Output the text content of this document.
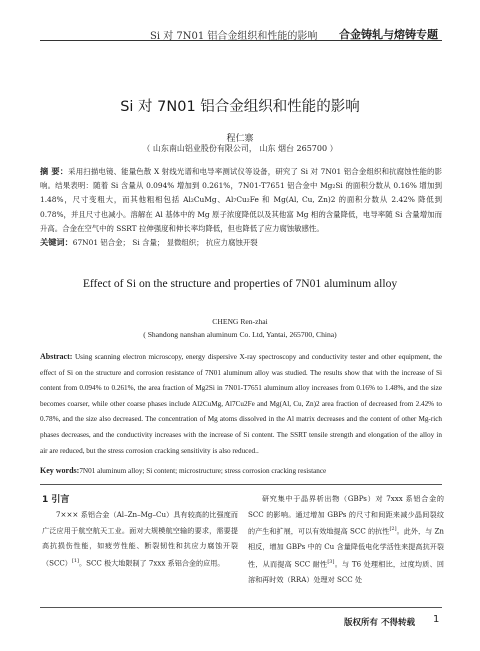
Si 对 7N01 铝合金组织和性能的影响 合金铸轧与熔铸专题
Si 对 7N01 铝合金组织和性能的影响
程仁寨
（ 山东南山铝业股份有限公司， 山东 烟台 265700 ）
摘 要：采用扫描电镜、能量色散 X 射线光谱和电导率测试仪等设备，研究了 Si 对 7N01 铝合金组织和抗腐蚀性能的影响。结果表明：随着 Si 含量从 0.094% 增加到 0.261%，7N01-T7651 铝合金中 Mg₂Si 的面积分数从 0.16% 增加到 1.48%，尺寸变粗大，而其他粗相包括 Al₂CuMg、Al₇Cu₂Fe 和 Mg(Al, Cu, Zn)2 的面积分数从 2.42% 降低到 0.78%，并且尺寸也减小。溶解在 Al 基体中的 Mg 原子浓度降低以及其他富 Mg 相的含量降低，电导率随 Si 含量增加而升高。合金在空气中的 SSRT 拉伸强度和伸长率均降低，但也降低了应力腐蚀敏感性。
关键词：67N01 铝合金； Si 含量； 显微组织； 抗应力腐蚀开裂
Effect of Si on the structure and properties of 7N01 aluminum alloy
CHENG Ren-zhai
( Shandong nanshan aluminum Co. Ltd, Yantai, 265700, China)
Abstract: Using scanning electron microscopy, energy dispersive X-ray spectroscopy and conductivity tester and other equipment, the effect of Si on the structure and corrosion resistance of 7N01 aluminum alloy was studied. The results show that with the increase of Si content from 0.094% to 0.261%, the area fraction of Mg2Si in 7N01-T7651 aluminum alloy increases from 0.16% to 1.48%, and the size becomes coarser, while other coarse phases include Al2CuMg, Al7Cu2Fe and Mg(Al, Cu, Zn)2 area fraction of decreased from 2.42% to 0.78%, and the size also decreased. The concentration of Mg atoms dissolved in the Al matrix decreases and the content of other Mg-rich phases decreases, and the conductivity increases with the increase of Si content. The SSRT tensile strength and elongation of the alloy in air are reduced, but the stress corrosion cracking sensitivity is also reduced..
Key words:7N01 aluminum alloy; Si content; microstructure; stress corrosion cracking resistance
1 引言
7××× 系铝合金（Al–Zn–Mg–Cu）具有较高的比强度而广泛应用于航空航天工业。面对大规模航空输的要求，需要提高抗损伤性能，如疲劳性能、断裂韧性和抗应力腐蚀开裂（SCC）[1]。SCC 极大地限制了 7xxx 系铝合金的应用。
研究集中于晶界析出物（GBPs）对 7xxx 系铝合金的 SCC 的影响。通过增加 GBPs 的尺寸和间距来减少晶间裂纹的产生和扩展，可以有效地提高 SCC 的抗性[2]。此外，与 Zn 相反，增加 GBPs 中的 Cu 含量降低电化学活性来提高抗开裂性，从而提高 SCC 耐性[3]。与 T6 处理相比，过度均质、回溶和再时效（RRA）处理对 SCC 处
版权所有 不得转载 1
